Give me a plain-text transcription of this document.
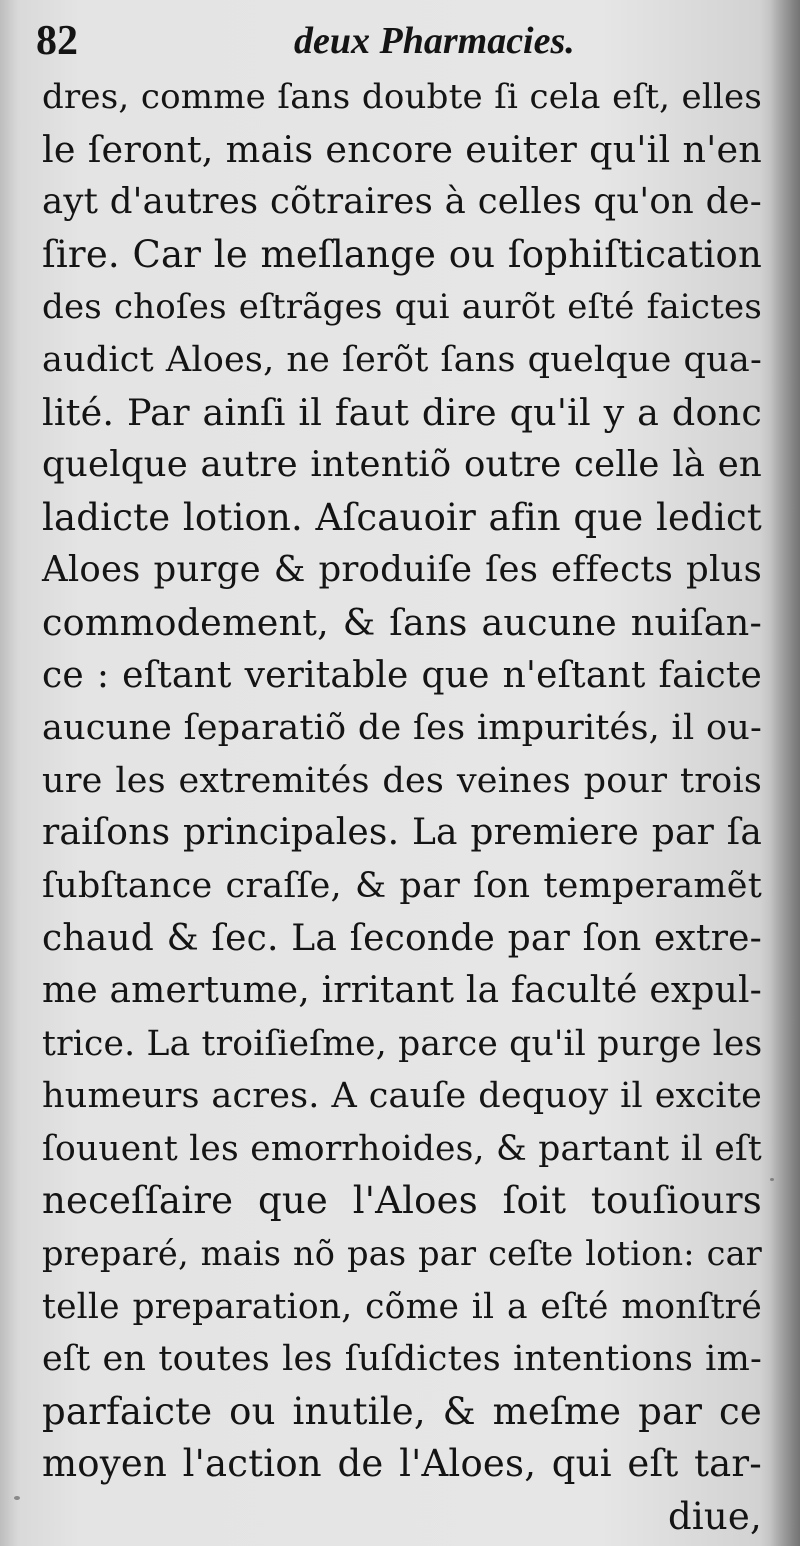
82	deux Pharmacies.
dres, comme ſans doubte ſi cela eſt, elles
le ſeront, mais encore euiter qu'il n'en
ayt d'autres cõtraires à celles qu'on de-
ſire. Car le meſlange ou ſophiſtication
des choſes eſtrãges qui aurõt eſté faictes
audict Aloes, ne ſerõt ſans quelque qua-
lité. Par ainſi il faut dire qu'il y a donc
quelque autre intentiõ outre celle là en
ladicte lotion. Aſcauoir afin que ledict
Aloes purge & produiſe ſes effects plus
commodement, & ſans aucune nuiſan-
ce : eſtant veritable que n'eſtant faicte
aucune ſeparatiõ de ſes impurités, il ou-
ure les extremités des veines pour trois
raiſons principales. La premiere par ſa
ſubſtance craſſe, & par ſon temperamẽt
chaud & ſec. La ſeconde par ſon extre-
me amertume, irritant la faculté expul-
trice. La troiſieſme, parce qu'il purge les
humeurs acres. A cauſe dequoy il excite
ſouuent les emorrhoides, & partant il eſt
neceſſaire que l'Aloes ſoit touſiours
preparé, mais nõ pas par ceſte lotion: car
telle preparation, cõme il a eſté monſtré
eſt en toutes les ſuſdictes intentions im-
parfaicte ou inutile, & meſme par ce
moyen l'action de l'Aloes, qui eſt tar-
diue,
